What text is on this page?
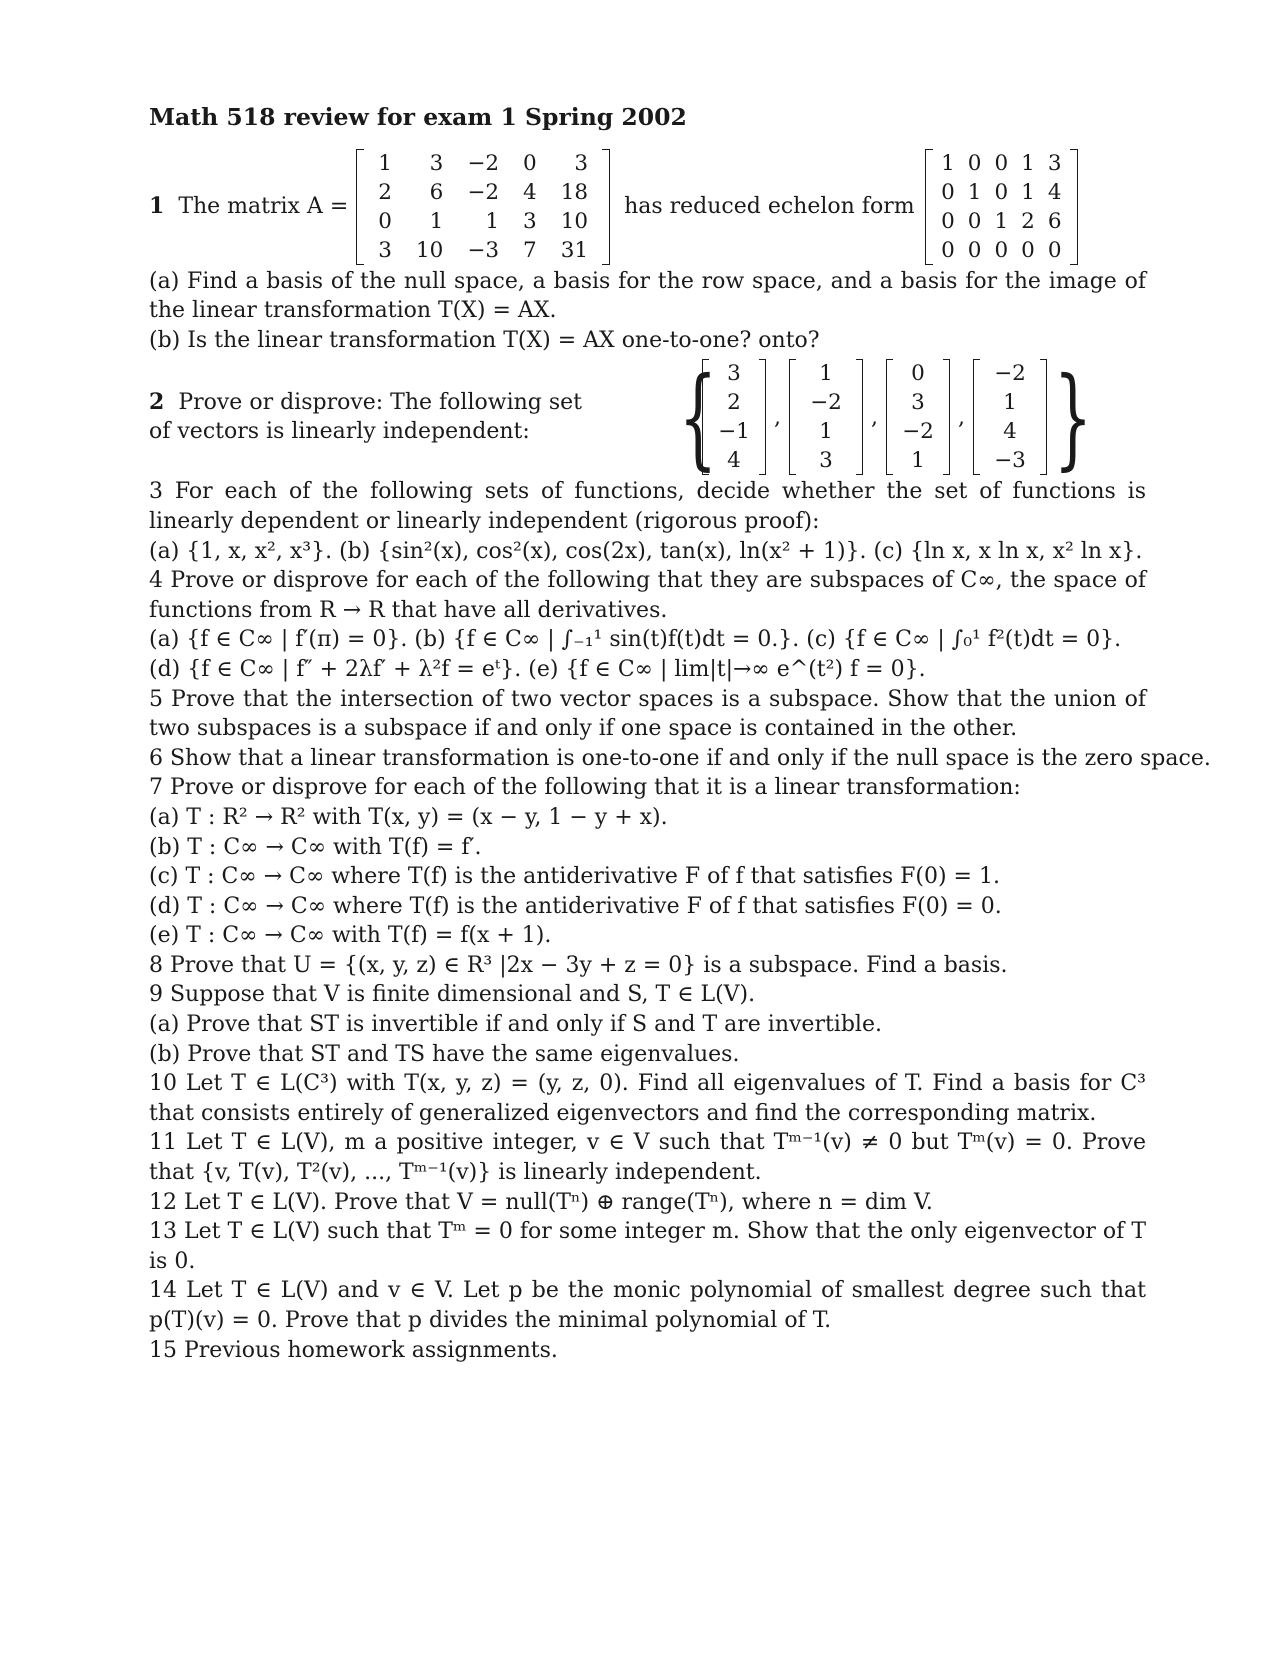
Math 518 review for exam 1 Spring 2002
1 The matrix A =
1	3	−2	0	3
2	6	−2	4	18
0	1	1	3	10
3	10	−3	7	31
has reduced echelon form
1	0	0	1	3
0	1	0	1	4
0	0	1	2	6
0	0	0	0	0
(a) Find a basis of the null space, a basis for the row space, and a basis for the image of the linear transformation T(X) = AX.
(b) Is the linear transformation T(X) = AX one-to-one? onto?
2 Prove or disprove: The following set of vectors is linearly independent:	{ 3
2
−1
4
,
1
−2
1
3
,
0
3
−2
1
,
−2
1
4
−3 }
3 For each of the following sets of functions, decide whether the set of functions is linearly dependent or linearly independent (rigorous proof):
(a) {1, x, x², x³}. (b) {sin²(x), cos²(x), cos(2x), tan(x), ln(x² + 1)}. (c) {ln x, x ln x, x² ln x}.
4 Prove or disprove for each of the following that they are subspaces of C∞, the space of functions from R → R that have all derivatives.
(a) {f ∈ C∞ | f′(π) = 0}. (b) {f ∈ C∞ | ∫₋₁¹ sin(t)f(t)dt = 0.}. (c) {f ∈ C∞ | ∫₀¹ f²(t)dt = 0}.
(d) {f ∈ C∞ | f″ + 2λf′ + λ²f = eᵗ}. (e) {f ∈ C∞ | lim|t|→∞ e^(t²) f = 0}.
5 Prove that the intersection of two vector spaces is a subspace. Show that the union of two subspaces is a subspace if and only if one space is contained in the other.
6 Show that a linear transformation is one-to-one if and only if the null space is the zero space.
7 Prove or disprove for each of the following that it is a linear transformation:
(a) T : R² → R² with T(x, y) = (x − y, 1 − y + x).
(b) T : C∞ → C∞ with T(f) = f′.
(c) T : C∞ → C∞ where T(f) is the antiderivative F of f that satisfies F(0) = 1.
(d) T : C∞ → C∞ where T(f) is the antiderivative F of f that satisfies F(0) = 0.
(e) T : C∞ → C∞ with T(f) = f(x + 1).
8 Prove that U = {(x, y, z) ∈ R³ |2x − 3y + z = 0} is a subspace. Find a basis.
9 Suppose that V is finite dimensional and S, T ∈ L(V).
(a) Prove that ST is invertible if and only if S and T are invertible.
(b) Prove that ST and TS have the same eigenvalues.
10 Let T ∈ L(C³) with T(x, y, z) = (y, z, 0). Find all eigenvalues of T. Find a basis for C³ that consists entirely of generalized eigenvectors and find the corresponding matrix.
11 Let T ∈ L(V), m a positive integer, v ∈ V such that Tᵐ⁻¹(v) ≠ 0 but Tᵐ(v) = 0. Prove that {v, T(v), T²(v), ..., Tᵐ⁻¹(v)} is linearly independent.
12 Let T ∈ L(V). Prove that V = null(Tⁿ) ⊕ range(Tⁿ), where n = dim V.
13 Let T ∈ L(V) such that Tᵐ = 0 for some integer m. Show that the only eigenvector of T is 0.
14 Let T ∈ L(V) and v ∈ V. Let p be the monic polynomial of smallest degree such that p(T)(v) = 0. Prove that p divides the minimal polynomial of T.
15 Previous homework assignments.
